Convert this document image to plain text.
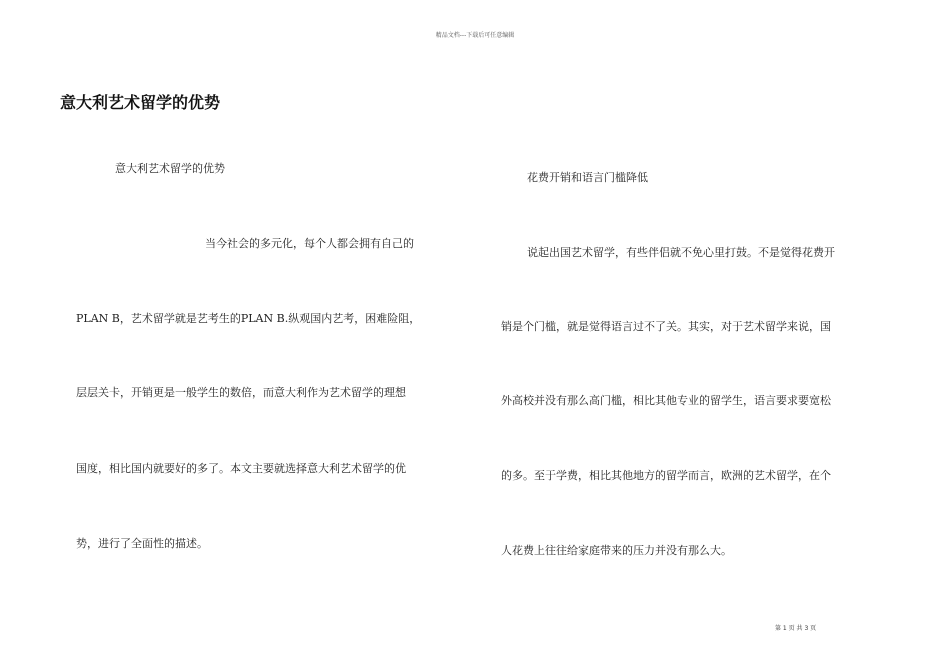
精品文档---下载后可任意编辑
意大利艺术留学的优势

意大利艺术留学的优势

当今社会的多元化，每个人都会拥有自己的

PLAN B，艺术留学就是艺考生的PLAN B.纵观国内艺考，困难险阻，

层层关卡，开销更是一般学生的数倍，而意大利作为艺术留学的理想

国度，相比国内就要好的多了。本文主要就选择意大利艺术留学的优

势，进行了全面性的描述。

花费开销和语言门槛降低

说起出国艺术留学，有些伴侣就不免心里打鼓。不是觉得花费开

销是个门槛，就是觉得语言过不了关。其实，对于艺术留学来说，国

外高校并没有那么高门槛，相比其他专业的留学生，语言要求要宽松

的多。至于学费，相比其他地方的留学而言，欧洲的艺术留学，在个

人花费上往往给家庭带来的压力并没有那么大。

第 1 页 共 3 页
